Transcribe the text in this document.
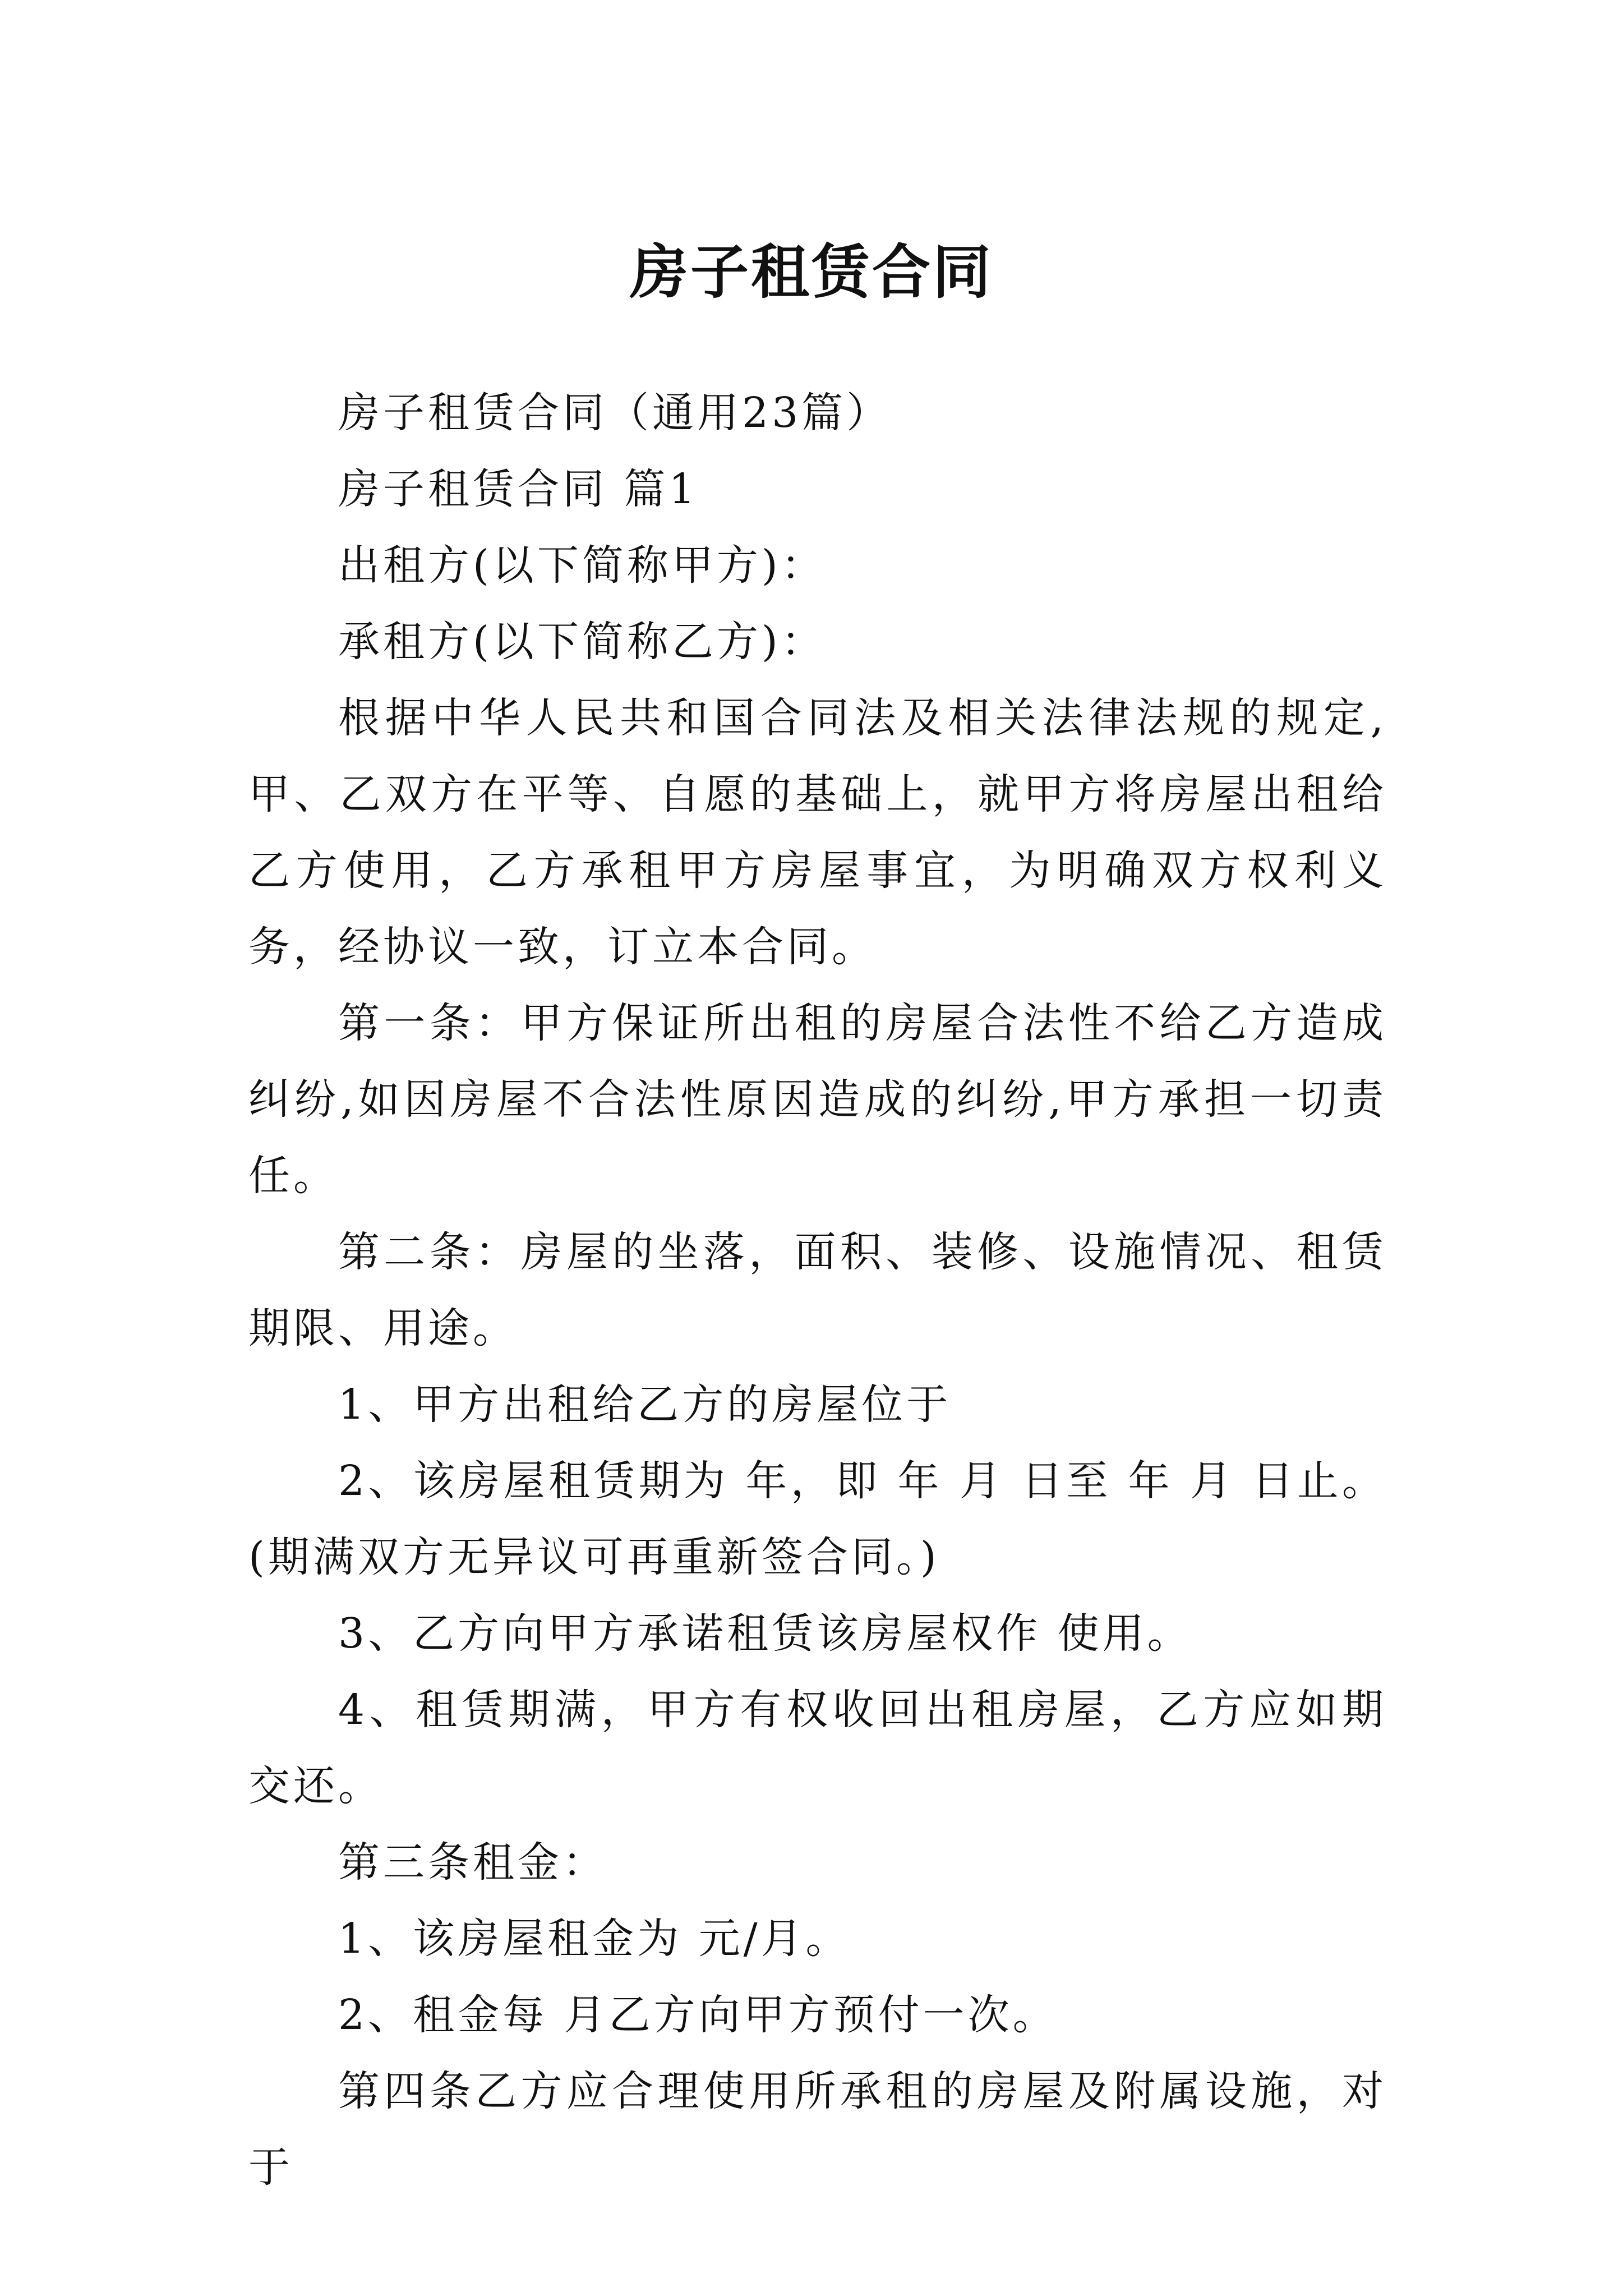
房子租赁合同

房子租赁合同（通用23篇）

房子租赁合同 篇1

出租方(以下简称甲方)：

承租方(以下简称乙方)：

根据中华人民共和国合同法及相关法律法规的规定,甲、乙双方在平等、自愿的基础上，就甲方将房屋出租给乙方使用，乙方承租甲方房屋事宜，为明确双方权利义务，经协议一致，订立本合同。

第一条：甲方保证所出租的房屋合法性不给乙方造成纠纷,如因房屋不合法性原因造成的纠纷,甲方承担一切责任。

第二条：房屋的坐落，面积、装修、设施情况、租赁期限、用途。

1、甲方出租给乙方的房屋位于

2、该房屋租赁期为 年，即 年 月 日至 年 月 日止。(期满双方无异议可再重新签合同。)

3、乙方向甲方承诺租赁该房屋权作 使用。

4、租赁期满，甲方有权收回出租房屋，乙方应如期交还。

第三条租金：

1、该房屋租金为 元/月。

2、租金每 月乙方向甲方预付一次。

第四条乙方应合理使用所承租的房屋及附属设施，对于
